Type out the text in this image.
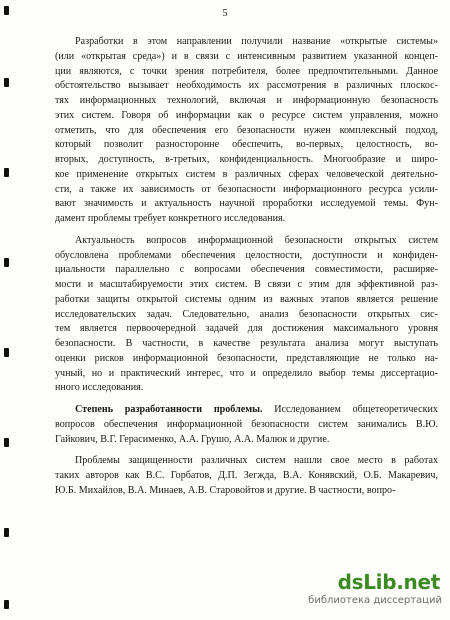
5
Разработки в этом направлении получили название «открытые системы»
(или «открытая среда») и в связи с интенсивным развитием указанной концеп-
ции являются, с точки зрения потребителя, более предпочтительными. Данное
обстоятельство вызывает необходимость их рассмотрения в различных плоскос-
тях информационных технологий, включая и информационную безопасность
этих систем. Говоря об информации как о ресурсе систем управления, можно
отметить, что для обеспечения его безопасности нужен комплексный подход,
который позволит разносторонне обеспечить, во-первых, целостность, во-
вторых, доступность, в-третьих, конфиденциальность. Многообразие и широ-
кое применение открытых систем в различных сферах человеческой деятельно-
сти, а также их зависимость от безопасности информационного ресурса усили-
вают значимость и актуальность научной проработки исследуемой темы. Фун-
дамент проблемы требует конкретного исследования.
Актуальность вопросов информационной безопасности открытых систем
обусловлена проблемами обеспечения целостности, доступности и конфиден-
циальности параллельно с вопросами обеспечения совместимости, расширяе-
мости и масштабируемости этих систем. В связи с этим для эффективной раз-
работки защиты открытой системы одним из важных этапов является решение
исследовательских задач. Следовательно, анализ безопасности открытых сис-
тем является первоочередной задачей для достижения максимального уровня
безопасности. В частности, в качестве результата анализа могут выступать
оценки рисков информационной безопасности, представляющие не только на-
учный, но и практический интерес, что и определило выбор темы диссертацио-
нного исследования.
Степень разработанности проблемы. Исследованием общетеоретических
вопросов обеспечения информационной безопасности систем занимались В.Ю.
Гайкович, В.Г. Герасименко, А.А. Грушо, А.А. Малюк и другие.
Проблемы защищенности различных систем нашли свое место в работах
таких авторов как В.С. Горбатов, Д.П. Зегжда, В.А. Конявский, О.Б. Макаревич,
Ю.Б. Михайлов, В.А. Минаев, А.В. Старовойтов и другие. В частности, вопро-
dsLib.net
библиотека диссертаций
